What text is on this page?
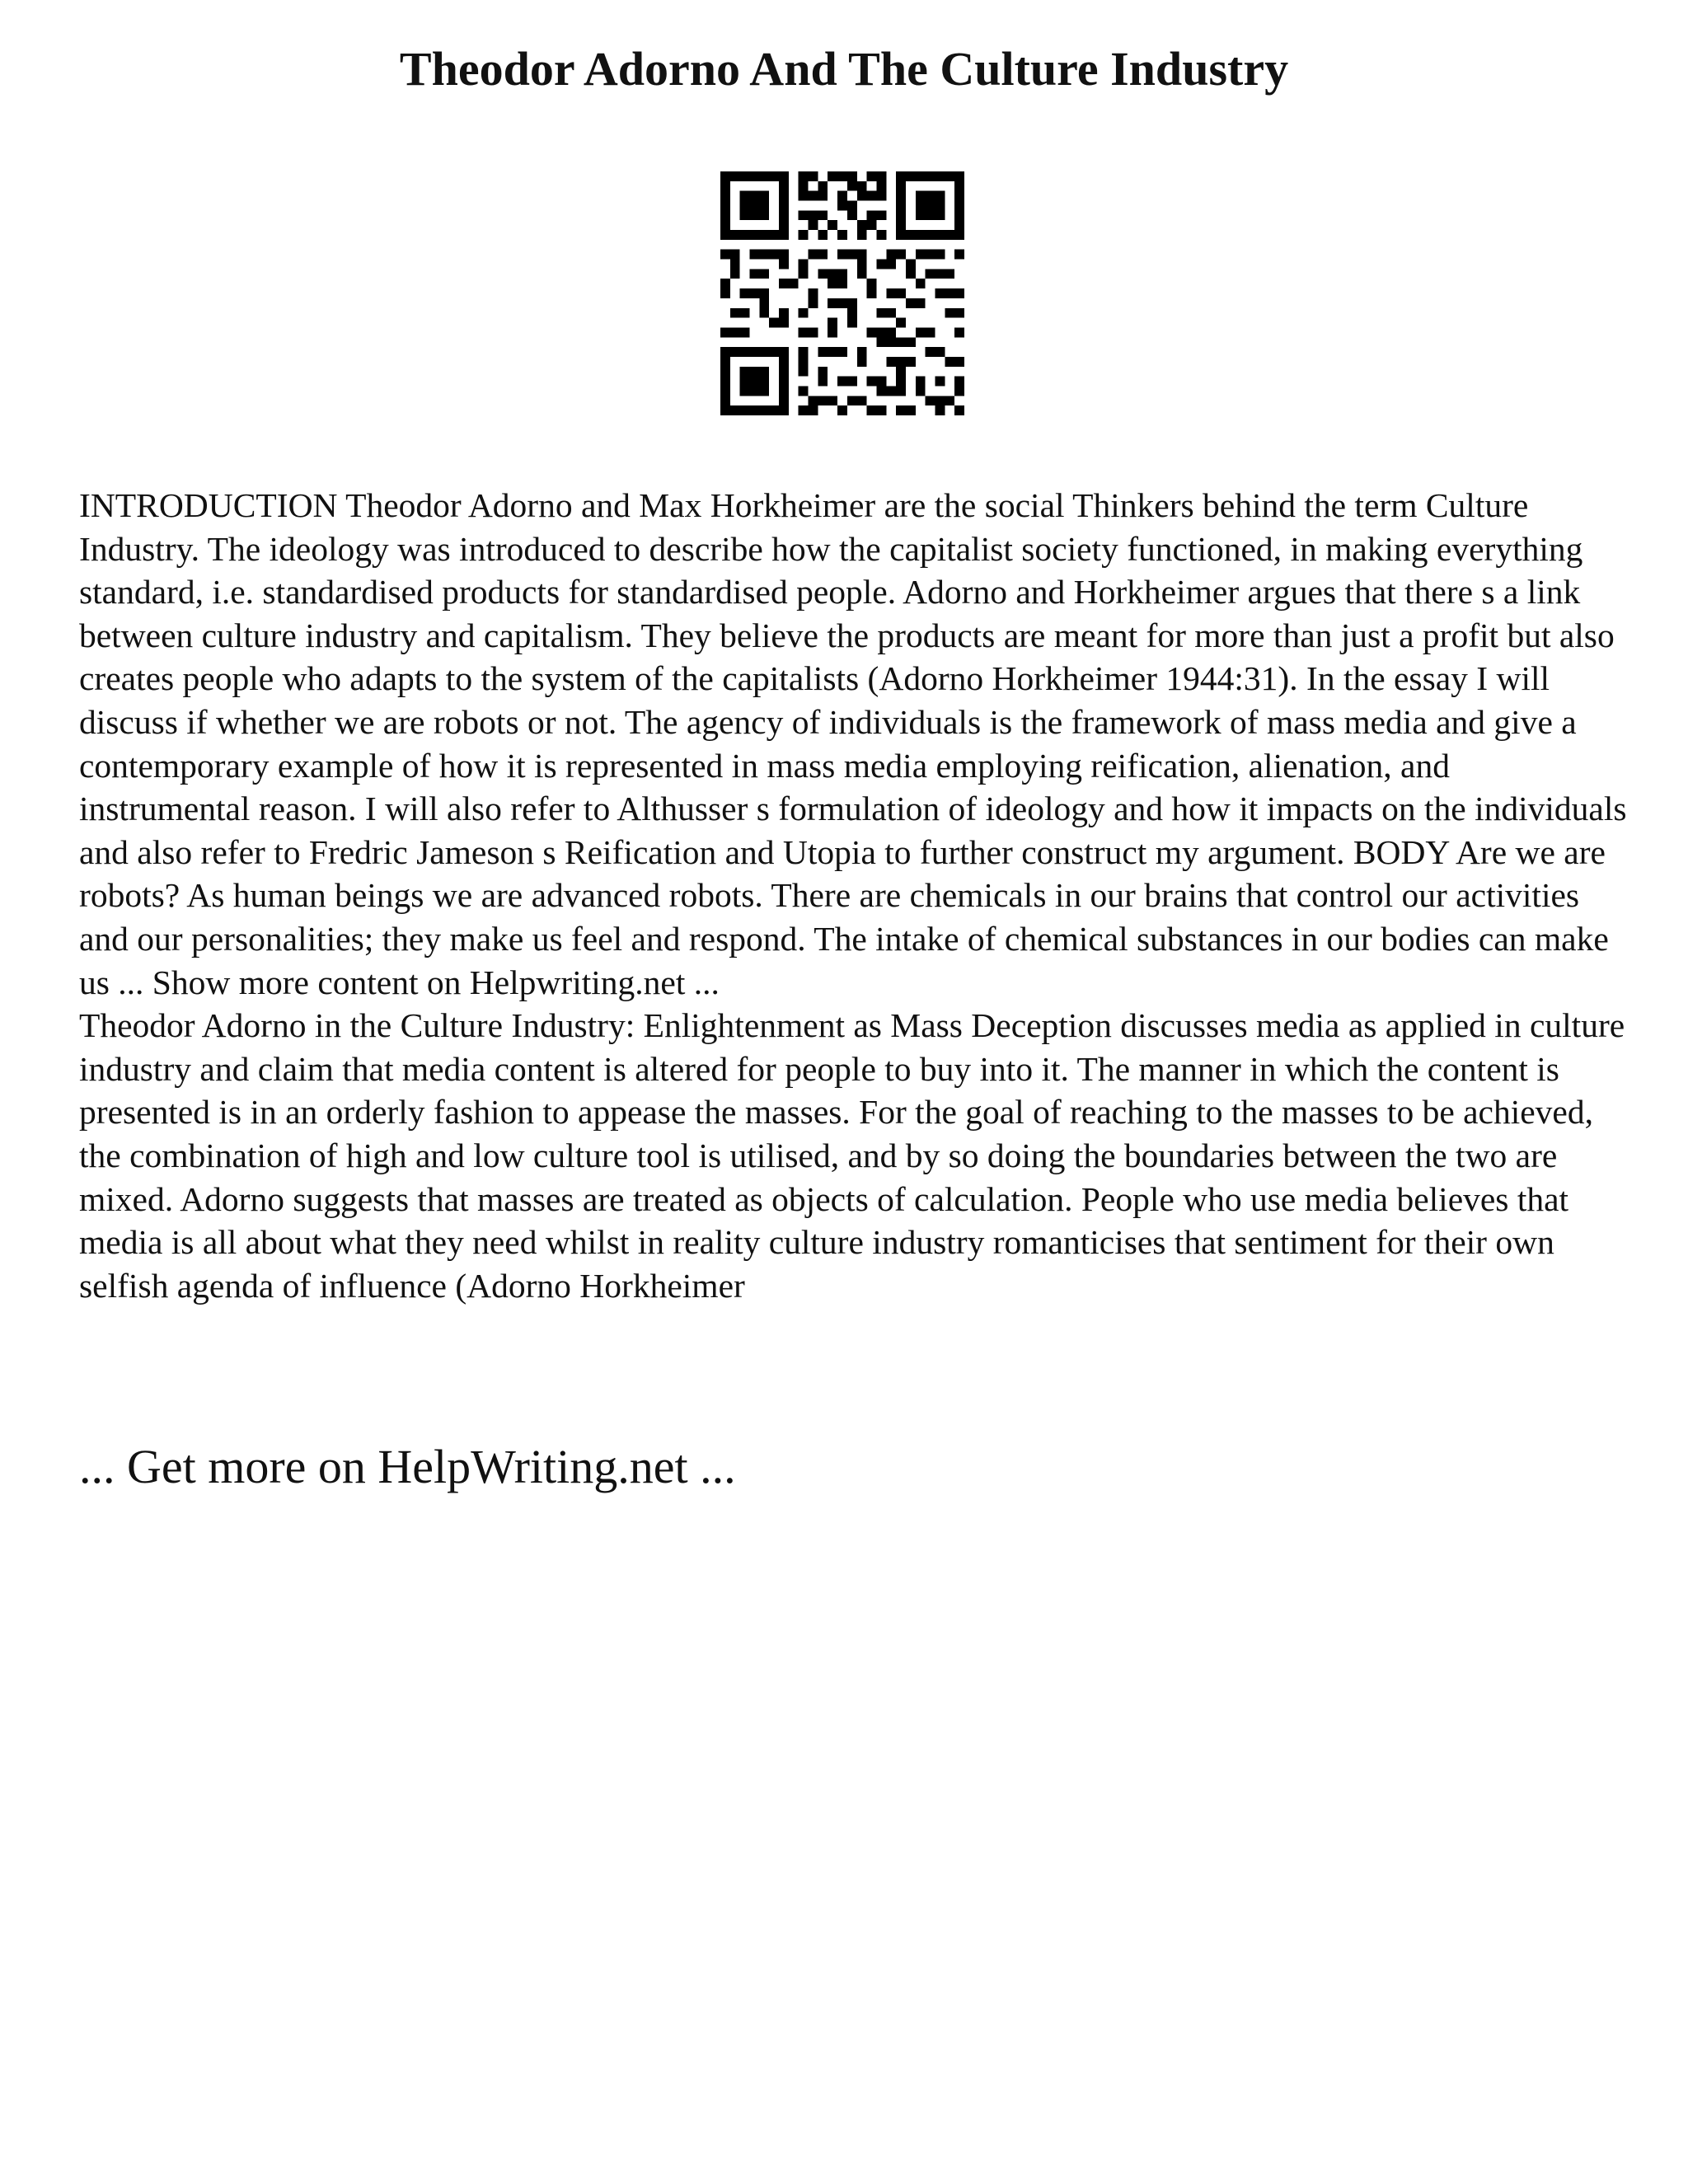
Theodor Adorno And The Culture Industry

INTRODUCTION Theodor Adorno and Max Horkheimer are the social Thinkers behind the term Culture Industry. The ideology was introduced to describe how the capitalist society functioned, in making everything standard, i.e. standardised products for standardised people. Adorno and Horkheimer argues that there s a link between culture industry and capitalism. They believe the products are meant for more than just a profit but also creates people who adapts to the system of the capitalists (Adorno Horkheimer 1944:31). In the essay I will discuss if whether we are robots or not. The agency of individuals is the framework of mass media and give a contemporary example of how it is represented in mass media employing reification, alienation, and instrumental reason. I will also refer to Althusser s formulation of ideology and how it impacts on the individuals and also refer to Fredric Jameson s Reification and Utopia to further construct my argument. BODY Are we are robots? As human beings we are advanced robots. There are chemicals in our brains that control our activities and our personalities; they make us feel and respond. The intake of chemical substances in our bodies can make us ... Show more content on Helpwriting.net ...

Theodor Adorno in the Culture Industry: Enlightenment as Mass Deception discusses media as applied in culture industry and claim that media content is altered for people to buy into it. The manner in which the content is presented is in an orderly fashion to appease the masses. For the goal of reaching to the masses to be achieved, the combination of high and low culture tool is utilised, and by so doing the boundaries between the two are mixed. Adorno suggests that masses are treated as objects of calculation. People who use media believes that media is all about what they need whilst in reality culture industry romanticises that sentiment for their own selfish agenda of influence (Adorno Horkheimer

... Get more on HelpWriting.net ...
